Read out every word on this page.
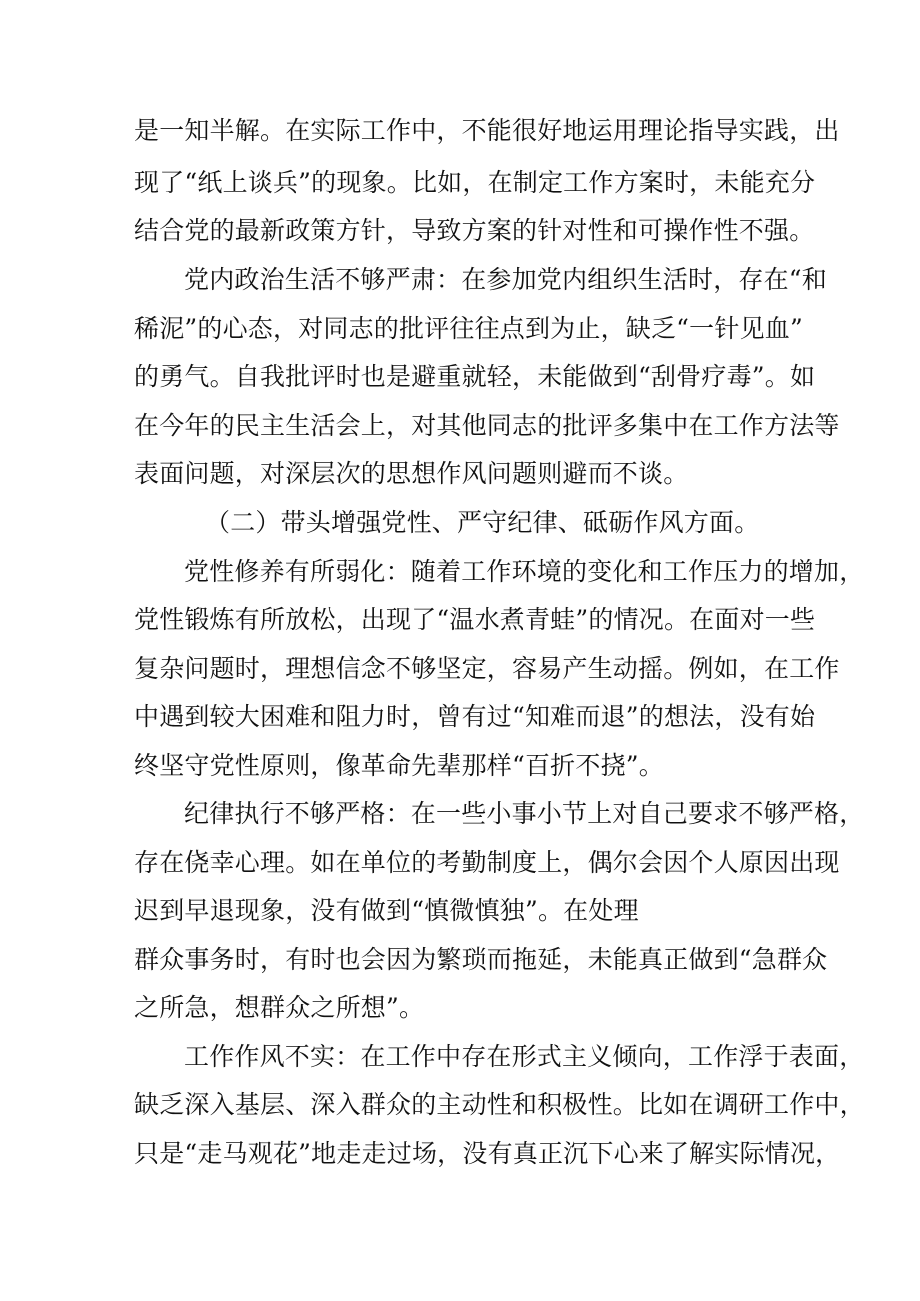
是一知半解。在实际工作中，不能很好地运用理论指导实践，出
现了“纸上谈兵”的现象。比如，在制定工作方案时，未能充分
结合党的最新政策方针，导致方案的针对性和可操作性不强。
党内政治生活不够严肃：在参加党内组织生活时，存在“和
稀泥”的心态，对同志的批评往往点到为止，缺乏“一针见血”
的勇气。自我批评时也是避重就轻，未能做到“刮骨疗毒”。如
在今年的民主生活会上，对其他同志的批评多集中在工作方法等
表面问题，对深层次的思想作风问题则避而不谈。
（二）带头增强党性、严守纪律、砥砺作风方面。
党性修养有所弱化：随着工作环境的变化和工作压力的增加，
党性锻炼有所放松，出现了“温水煮青蛙”的情况。在面对一些
复杂问题时，理想信念不够坚定，容易产生动摇。例如，在工作
中遇到较大困难和阻力时，曾有过“知难而退”的想法，没有始
终坚守党性原则，像革命先辈那样“百折不挠”。
纪律执行不够严格：在一些小事小节上对自己要求不够严格，
存在侥幸心理。如在单位的考勤制度上，偶尔会因个人原因出现
迟到早退现象，没有做到“慎微慎独”。在处理
群众事务时，有时也会因为繁琐而拖延，未能真正做到“急群众
之所急，想群众之所想”。
工作作风不实：在工作中存在形式主义倾向，工作浮于表面，
缺乏深入基层、深入群众的主动性和积极性。比如在调研工作中，
只是“走马观花”地走走过场，没有真正沉下心来了解实际情况，
